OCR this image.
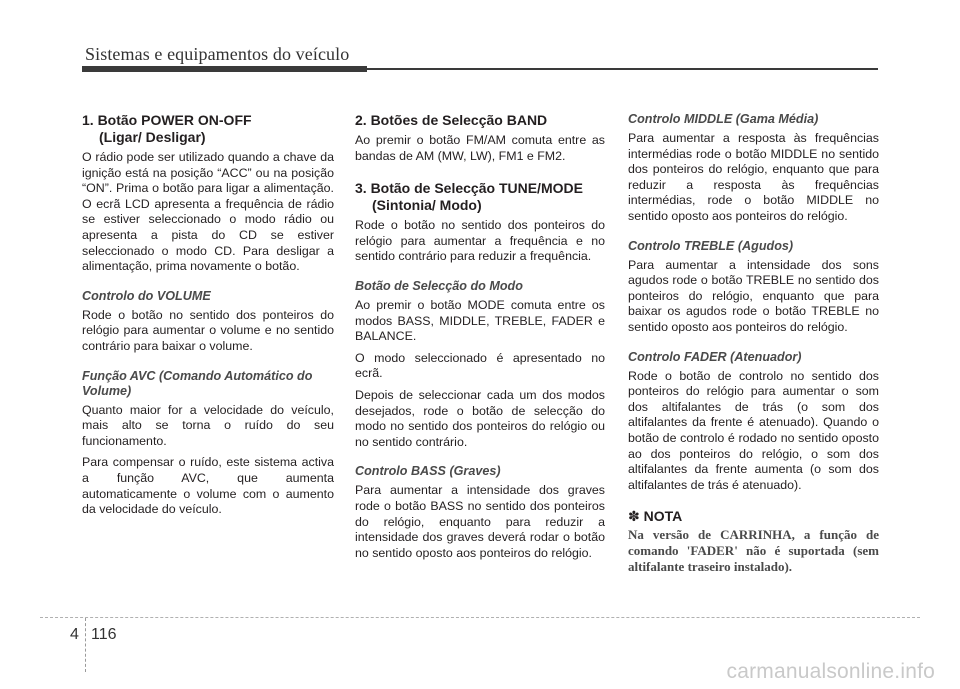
Sistemas e equipamentos do veículo
1. Botão POWER ON-OFF
(Ligar/ Desligar)

O rádio pode ser utilizado quando a chave da ignição está na posição “ACC” ou na posição “ON”. Prima o botão para ligar a alimentação. O ecrã LCD apresenta a frequência de rádio se estiver seleccionado o modo rádio ou apresenta a pista do CD se estiver seleccionado o modo CD. Para desligar a alimentação, prima novamente o botão.

Controlo do VOLUME

Rode o botão no sentido dos ponteiros do relógio para aumentar o volume e no sentido contrário para baixar o volume.

Função AVC (Comando Automático do Volume)

Quanto maior for a velocidade do veículo, mais alto se torna o ruído do seu funcionamento.

Para compensar o ruído, este sistema activa a função AVC, que aumenta automaticamente o volume com o aumento da velocidade do veículo.

2. Botões de Selecção BAND

Ao premir o botão FM/AM comuta entre as bandas de AM (MW, LW), FM1 e FM2.

3. Botão de Selecção TUNE/MODE
(Sintonia/ Modo)

Rode o botão no sentido dos ponteiros do relógio para aumentar a frequência e no sentido contrário para reduzir a frequência.

Botão de Selecção do Modo

Ao premir o botão MODE comuta entre os modos BASS, MIDDLE, TREBLE, FADER e BALANCE.

O modo seleccionado é apresentado no ecrã.

Depois de seleccionar cada um dos modos desejados, rode o botão de selecção do modo no sentido dos ponteiros do relógio ou no sentido contrário.

Controlo BASS (Graves)

Para aumentar a intensidade dos graves rode o botão BASS no sentido dos ponteiros do relógio, enquanto para reduzir a intensidade dos graves deverá rodar o botão no sentido oposto aos ponteiros do relógio.

Controlo MIDDLE (Gama Média)

Para aumentar a resposta às frequências intermédias rode o botão MIDDLE no sentido dos ponteiros do relógio, enquanto que para reduzir a resposta às frequências intermédias, rode o botão MIDDLE no sentido oposto aos ponteiros do relógio.

Controlo TREBLE (Agudos)

Para aumentar a intensidade dos sons agudos rode o botão TREBLE no sentido dos ponteiros do relógio, enquanto que para baixar os agudos rode o botão TREBLE no sentido oposto aos ponteiros do relógio.

Controlo FADER (Atenuador)

Rode o botão de controlo no sentido dos ponteiros do relógio para aumentar o som dos altifalantes de trás (o som dos altifalantes da frente é atenuado). Quando o botão de controlo é rodado no sentido oposto ao dos ponteiros do relógio, o som dos altifalantes da frente aumenta (o som dos altifalantes de trás é atenuado).

✽ NOTA

Na versão de CARRINHA, a função de comando 'FADER' não é suportada (sem altifalante traseiro instalado).

4 116
carmanualsonline.info
